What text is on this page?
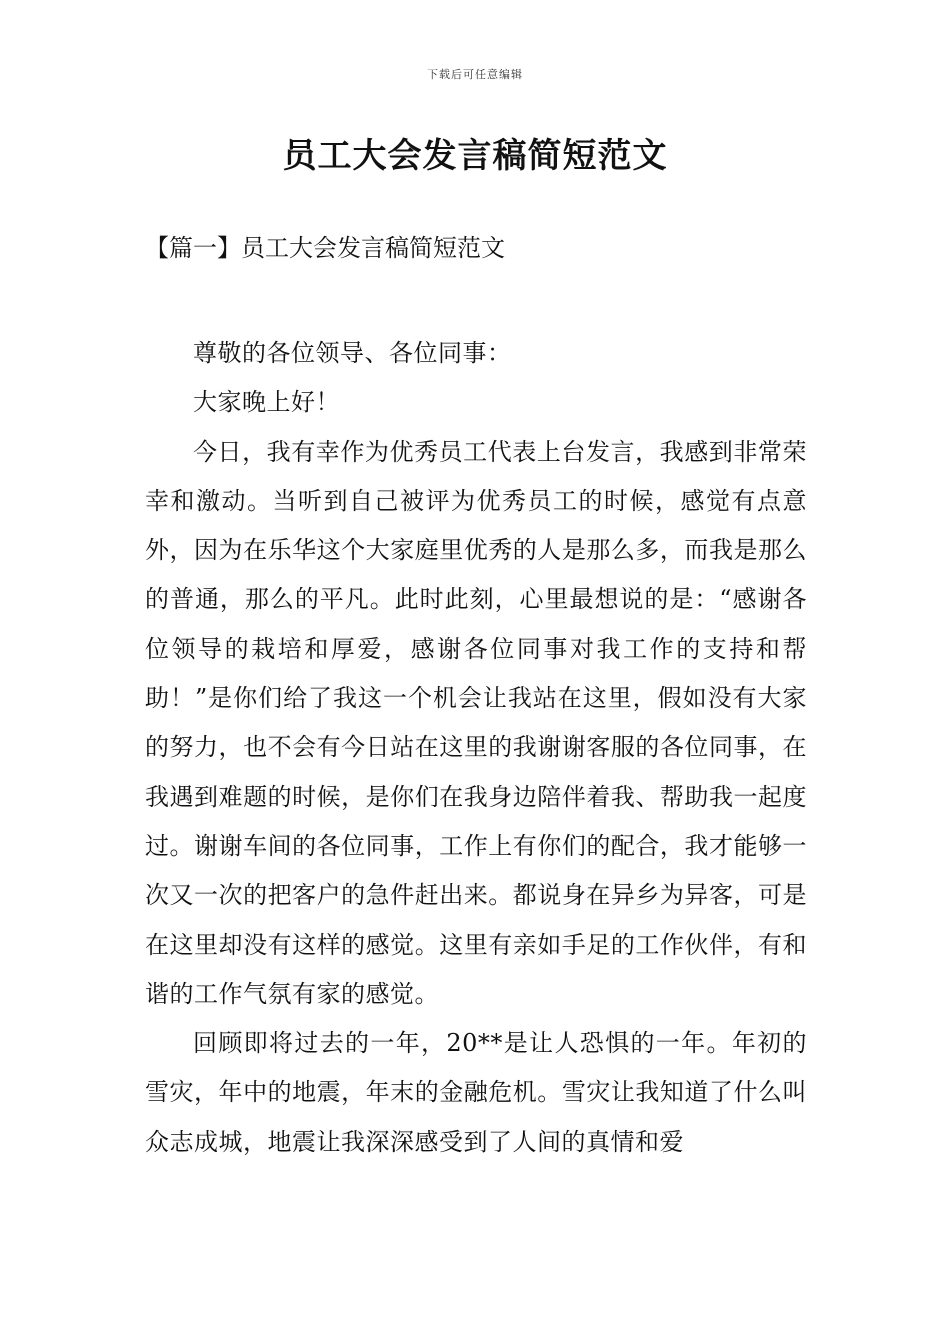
下载后可任意编辑
员工大会发言稿简短范文
【篇一】员工大会发言稿简短范文

尊敬的各位领导、各位同事：

大家晚上好！

今日，我有幸作为优秀员工代表上台发言，我感到非常荣幸和激动。当听到自己被评为优秀员工的时候，感觉有点意外，因为在乐华这个大家庭里优秀的人是那么多，而我是那么的普通，那么的平凡。此时此刻，心里最想说的是：“感谢各位领导的栽培和厚爱，感谢各位同事对我工作的支持和帮助！”是你们给了我这一个机会让我站在这里，假如没有大家的努力，也不会有今日站在这里的我谢谢客服的各位同事，在我遇到难题的时候，是你们在我身边陪伴着我、帮助我一起度过。谢谢车间的各位同事，工作上有你们的配合，我才能够一次又一次的把客户的急件赶出来。都说身在异乡为异客，可是在这里却没有这样的感觉。这里有亲如手足的工作伙伴，有和谐的工作气氛有家的感觉。

回顾即将过去的一年，20**是让人恐惧的一年。年初的雪灾，年中的地震，年末的金融危机。雪灾让我知道了什么叫众志成城，地震让我深深感受到了人间的真情和爱
